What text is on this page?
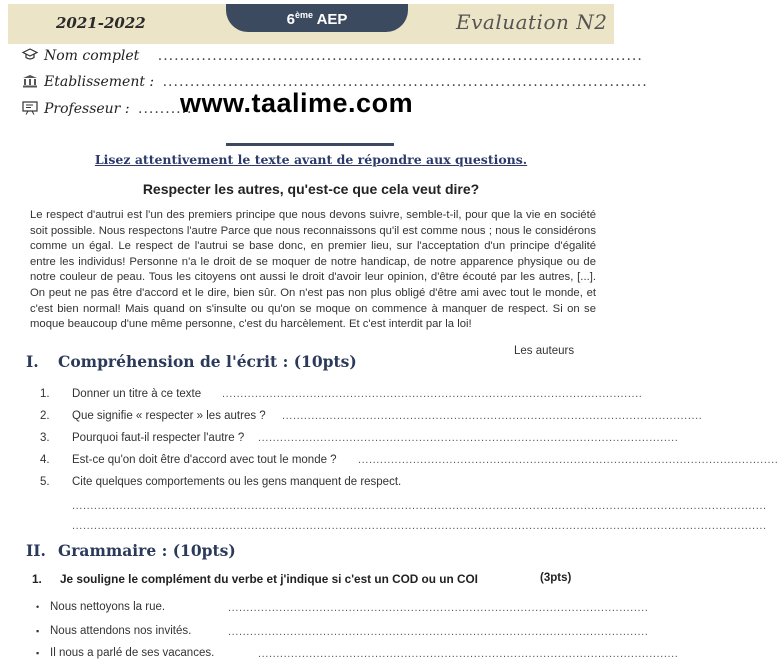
2021-2022	6ème AEP	Evaluation N2
Nom complet .........................................................................................
Etablissement : .........................................................................................
Professeur : ..........
www.taalime.com
Lisez attentivement le texte avant de répondre aux questions.
Respecter les autres, qu'est-ce que cela veut dire?
Le respect d'autrui est l'un des premiers principe que nous devons suivre, semble-t-il, pour que la vie en société soit possible. Nous respectons l'autre Parce que nous reconnaissons qu'il est comme nous ; nous le considérons comme un égal. Le respect de l'autrui se base donc, en premier lieu, sur l'acceptation d'un principe d'égalité entre les individus! Personne n'a le droit de se moquer de notre handicap, de notre apparence physique ou de notre couleur de peau. Tous les citoyens ont aussi le droit d'avoir leur opinion, d'être écouté par les autres, [...]. On peut ne pas être d'accord et le dire, bien sûr. On n'est pas non plus obligé d'être ami avec tout le monde, et c'est bien normal! Mais quand on s'insulte ou qu'on se moque on commence à manquer de respect. Si on se moque beaucoup d'une même personne, c'est du harcèlement. Et c'est interdit par la loi!
Les auteurs
I. Compréhension de l'écrit : (10pts)
1. Donner un titre à ce texte ...................................................................................................................
2. Que signifie « respecter » les autres ? ...................................................................................................................
3. Pourquoi faut-il respecter l'autre ? ...................................................................................................................
4. Est-ce qu'on doit être d'accord avec tout le monde ? ...................................................................................................................
5. Cite quelques comportements ou les gens manquent de respect.
..............................................................................................................................................................................................
..............................................................................................................................................................................................
II. Grammaire : (10pts)
1. Je souligne le complément du verbe et j'indique si c'est un COD ou un COI	(3pts)
• Nous nettoyons la rue.	...................................................................................................................
▪ Nous attendons nos invités.	...................................................................................................................
▪ Il nous a parlé de ses vacances.	...................................................................................................................
